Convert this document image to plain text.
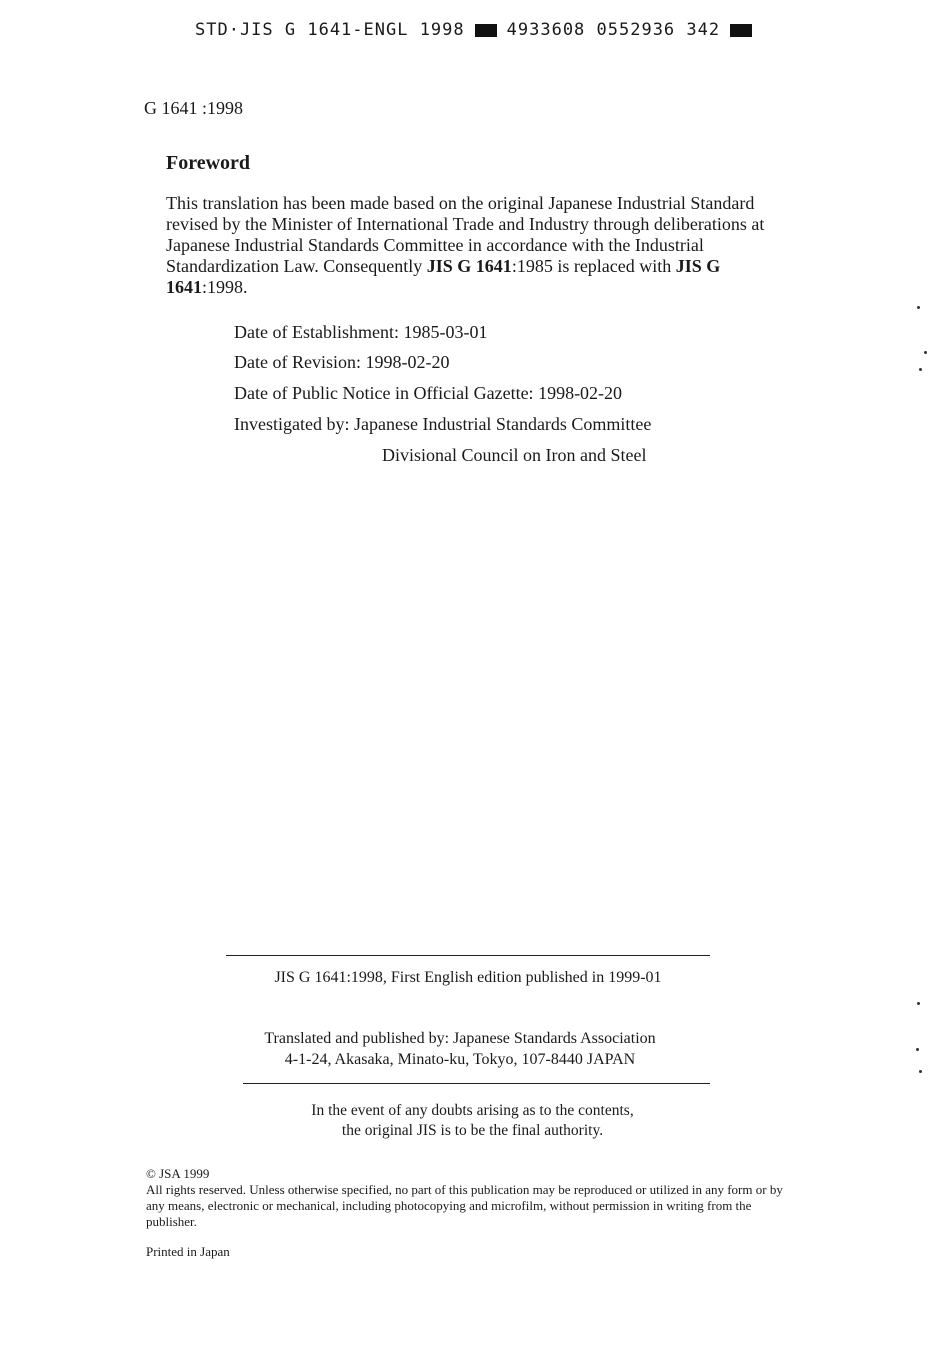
STD·JIS G 1641-ENGL 1998 4933608 0552936 342
G 1641 :1998
Foreword
This translation has been made based on the original Japanese Industrial Standard revised by the Minister of International Trade and Industry through deliberations at Japanese Industrial Standards Committee in accordance with the Industrial Standardization Law. Consequently JIS G 1641:1985 is replaced with JIS G 1641:1998.
Date of Establishment: 1985-03-01
Date of Revision: 1998-02-20
Date of Public Notice in Official Gazette: 1998-02-20
Investigated by: Japanese Industrial Standards Committee
Divisional Council on Iron and Steel
JIS G 1641:1998, First English edition published in 1999-01
Translated and published by: Japanese Standards Association
4-1-24, Akasaka, Minato-ku, Tokyo, 107-8440 JAPAN
In the event of any doubts arising as to the contents,
the original JIS is to be the final authority.
© JSA 1999
All rights reserved. Unless otherwise specified, no part of this publication may be reproduced or utilized in any form or by any means, electronic or mechanical, including photocopying and microfilm, without permission in writing from the publisher.
Printed in Japan
